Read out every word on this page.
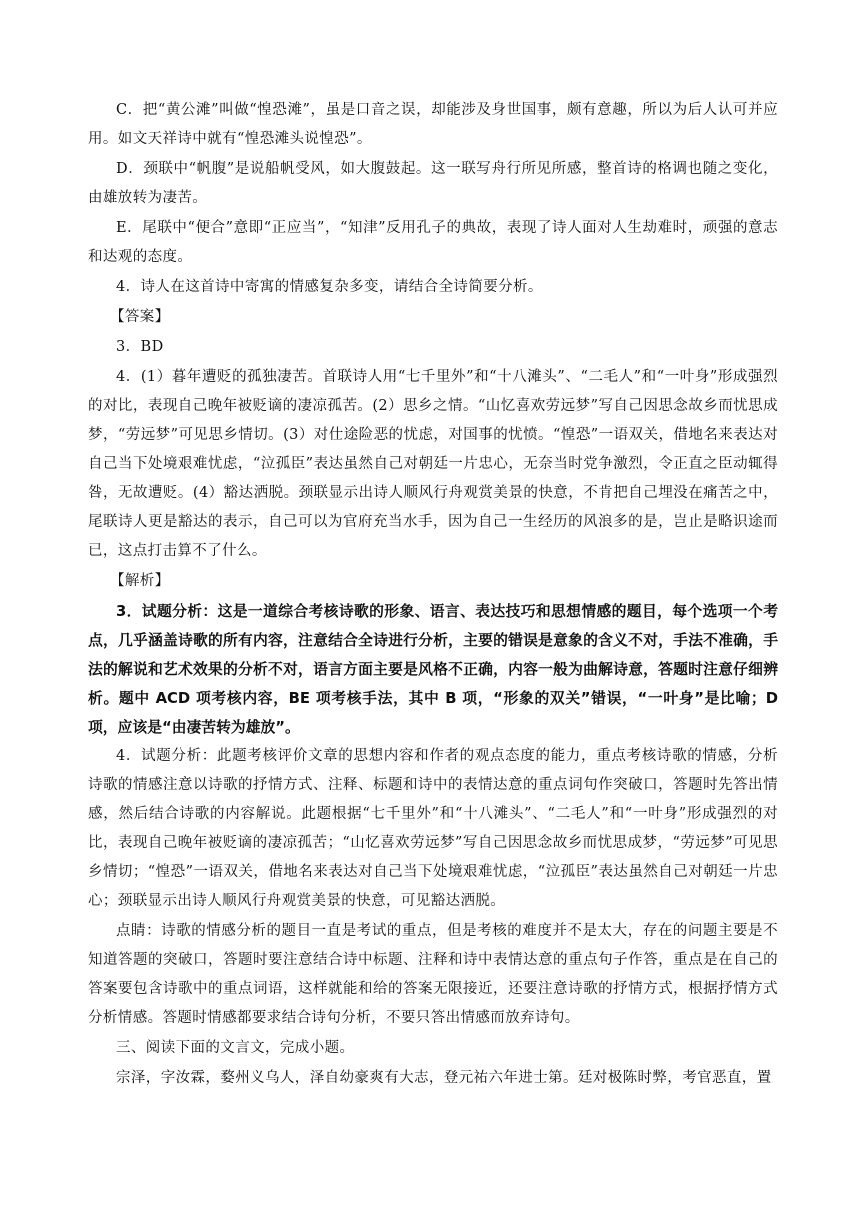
C．把“黄公滩”叫做“惶恐滩”，虽是口音之误，却能涉及身世国事，颇有意趣，所以为后人认可并应用。如文天祥诗中就有“惶恐滩头说惶恐”。

D．颈联中“帆腹”是说船帆受风，如大腹鼓起。这一联写舟行所见所感，整首诗的格调也随之变化，由雄放转为凄苦。

E．尾联中“便合”意即“正应当”，“知津”反用孔子的典故，表现了诗人面对人生劫难时，顽强的意志和达观的态度。

4．诗人在这首诗中寄寓的情感复杂多变，请结合全诗简要分析。

【答案】

3．BD

4．(1）暮年遭贬的孤独凄苦。首联诗人用“七千里外”和“十八滩头”、“二毛人”和“一叶身”形成强烈的对比，表现自己晚年被贬谪的凄凉孤苦。(2）思乡之情。“山忆喜欢劳远梦”写自己因思念故乡而忧思成梦，“劳远梦”可见思乡情切。(3）对仕途险恶的忧虑，对国事的忧愤。“惶恐”一语双关，借地名来表达对自己当下处境艰难忧虑，“泣孤臣”表达虽然自己对朝廷一片忠心，无奈当时党争激烈，令正直之臣动辄得咎，无故遭贬。(4）豁达洒脱。颈联显示出诗人顺风行舟观赏美景的快意，不肯把自己埋没在痛苦之中，尾联诗人更是豁达的表示，自己可以为官府充当水手，因为自己一生经历的风浪多的是，岂止是略识途而已，这点打击算不了什么。

【解析】

3．试题分析：这是一道综合考核诗歌的形象、语言、表达技巧和思想情感的题目，每个选项一个考点，几乎涵盖诗歌的所有内容，注意结合全诗进行分析，主要的错误是意象的含义不对，手法不准确，手法的解说和艺术效果的分析不对，语言方面主要是风格不正确，内容一般为曲解诗意，答题时注意仔细辨析。题中 ACD 项考核内容，BE 项考核手法，其中 B 项，“形象的双关”错误，“一叶身”是比喻；D 项，应该是“由凄苦转为雄放”。

4．试题分析：此题考核评价文章的思想内容和作者的观点态度的能力，重点考核诗歌的情感，分析诗歌的情感注意以诗歌的抒情方式、注释、标题和诗中的表情达意的重点词句作突破口，答题时先答出情感，然后结合诗歌的内容解说。此题根据“七千里外”和“十八滩头”、“二毛人”和“一叶身”形成强烈的对比，表现自己晚年被贬谪的凄凉孤苦；“山忆喜欢劳远梦”写自己因思念故乡而忧思成梦，“劳远梦”可见思乡情切；“惶恐”一语双关，借地名来表达对自己当下处境艰难忧虑，“泣孤臣”表达虽然自己对朝廷一片忠心；颈联显示出诗人顺风行舟观赏美景的快意，可见豁达洒脱。

点睛：诗歌的情感分析的题目一直是考试的重点，但是考核的难度并不是太大，存在的问题主要是不知道答题的突破口，答题时要注意结合诗中标题、注释和诗中表情达意的重点句子作答，重点是在自己的答案要包含诗歌中的重点词语，这样就能和给的答案无限接近，还要注意诗歌的抒情方式，根据抒情方式分析情感。答题时情感都要求结合诗句分析，不要只答出情感而放弃诗句。

三、阅读下面的文言文，完成小题。

宗泽，字汝霖，婺州义乌人，泽自幼豪爽有大志，登元祐六年进士第。廷对极陈时弊，考官恶直，置
